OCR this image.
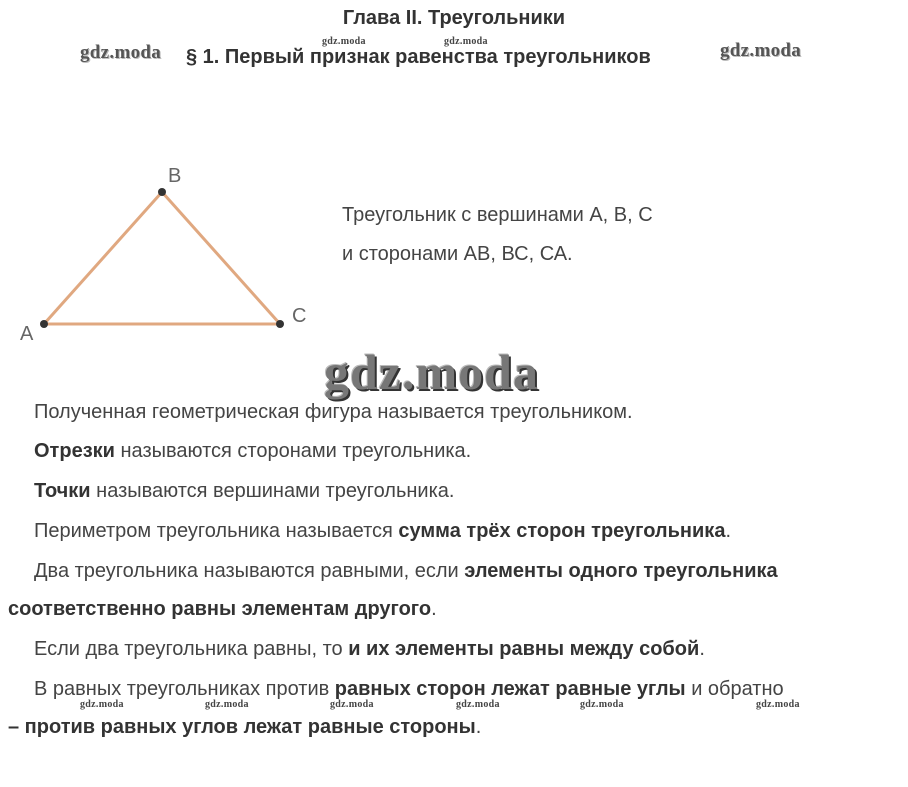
Глава II. Треугольники
§ 1. Первый признак равенства треугольников
gdz.moda	gdz.moda
gdz.moda	gdz.moda
A
B
C
Треугольник с вершинами А, В, С
и сторонами АВ, ВС, СА.
gdz.moda
Полученная геометрическая фигура называется треугольником.
Отрезки называются сторонами треугольника.
Точки называются вершинами треугольника.
Периметром треугольника называется сумма трёх сторон треугольника.
Два треугольника называются равными, если элементы одного треугольника
соответственно равны элементам другого.
Если два треугольника равны, то и их элементы равны между собой.
В равных треугольниках против равных сторон лежат равные углы и обратно
– против равных углов лежат равные стороны.
gdz.moda	gdz.moda	gdz.moda	gdz.moda	gdz.moda	gdz.moda
